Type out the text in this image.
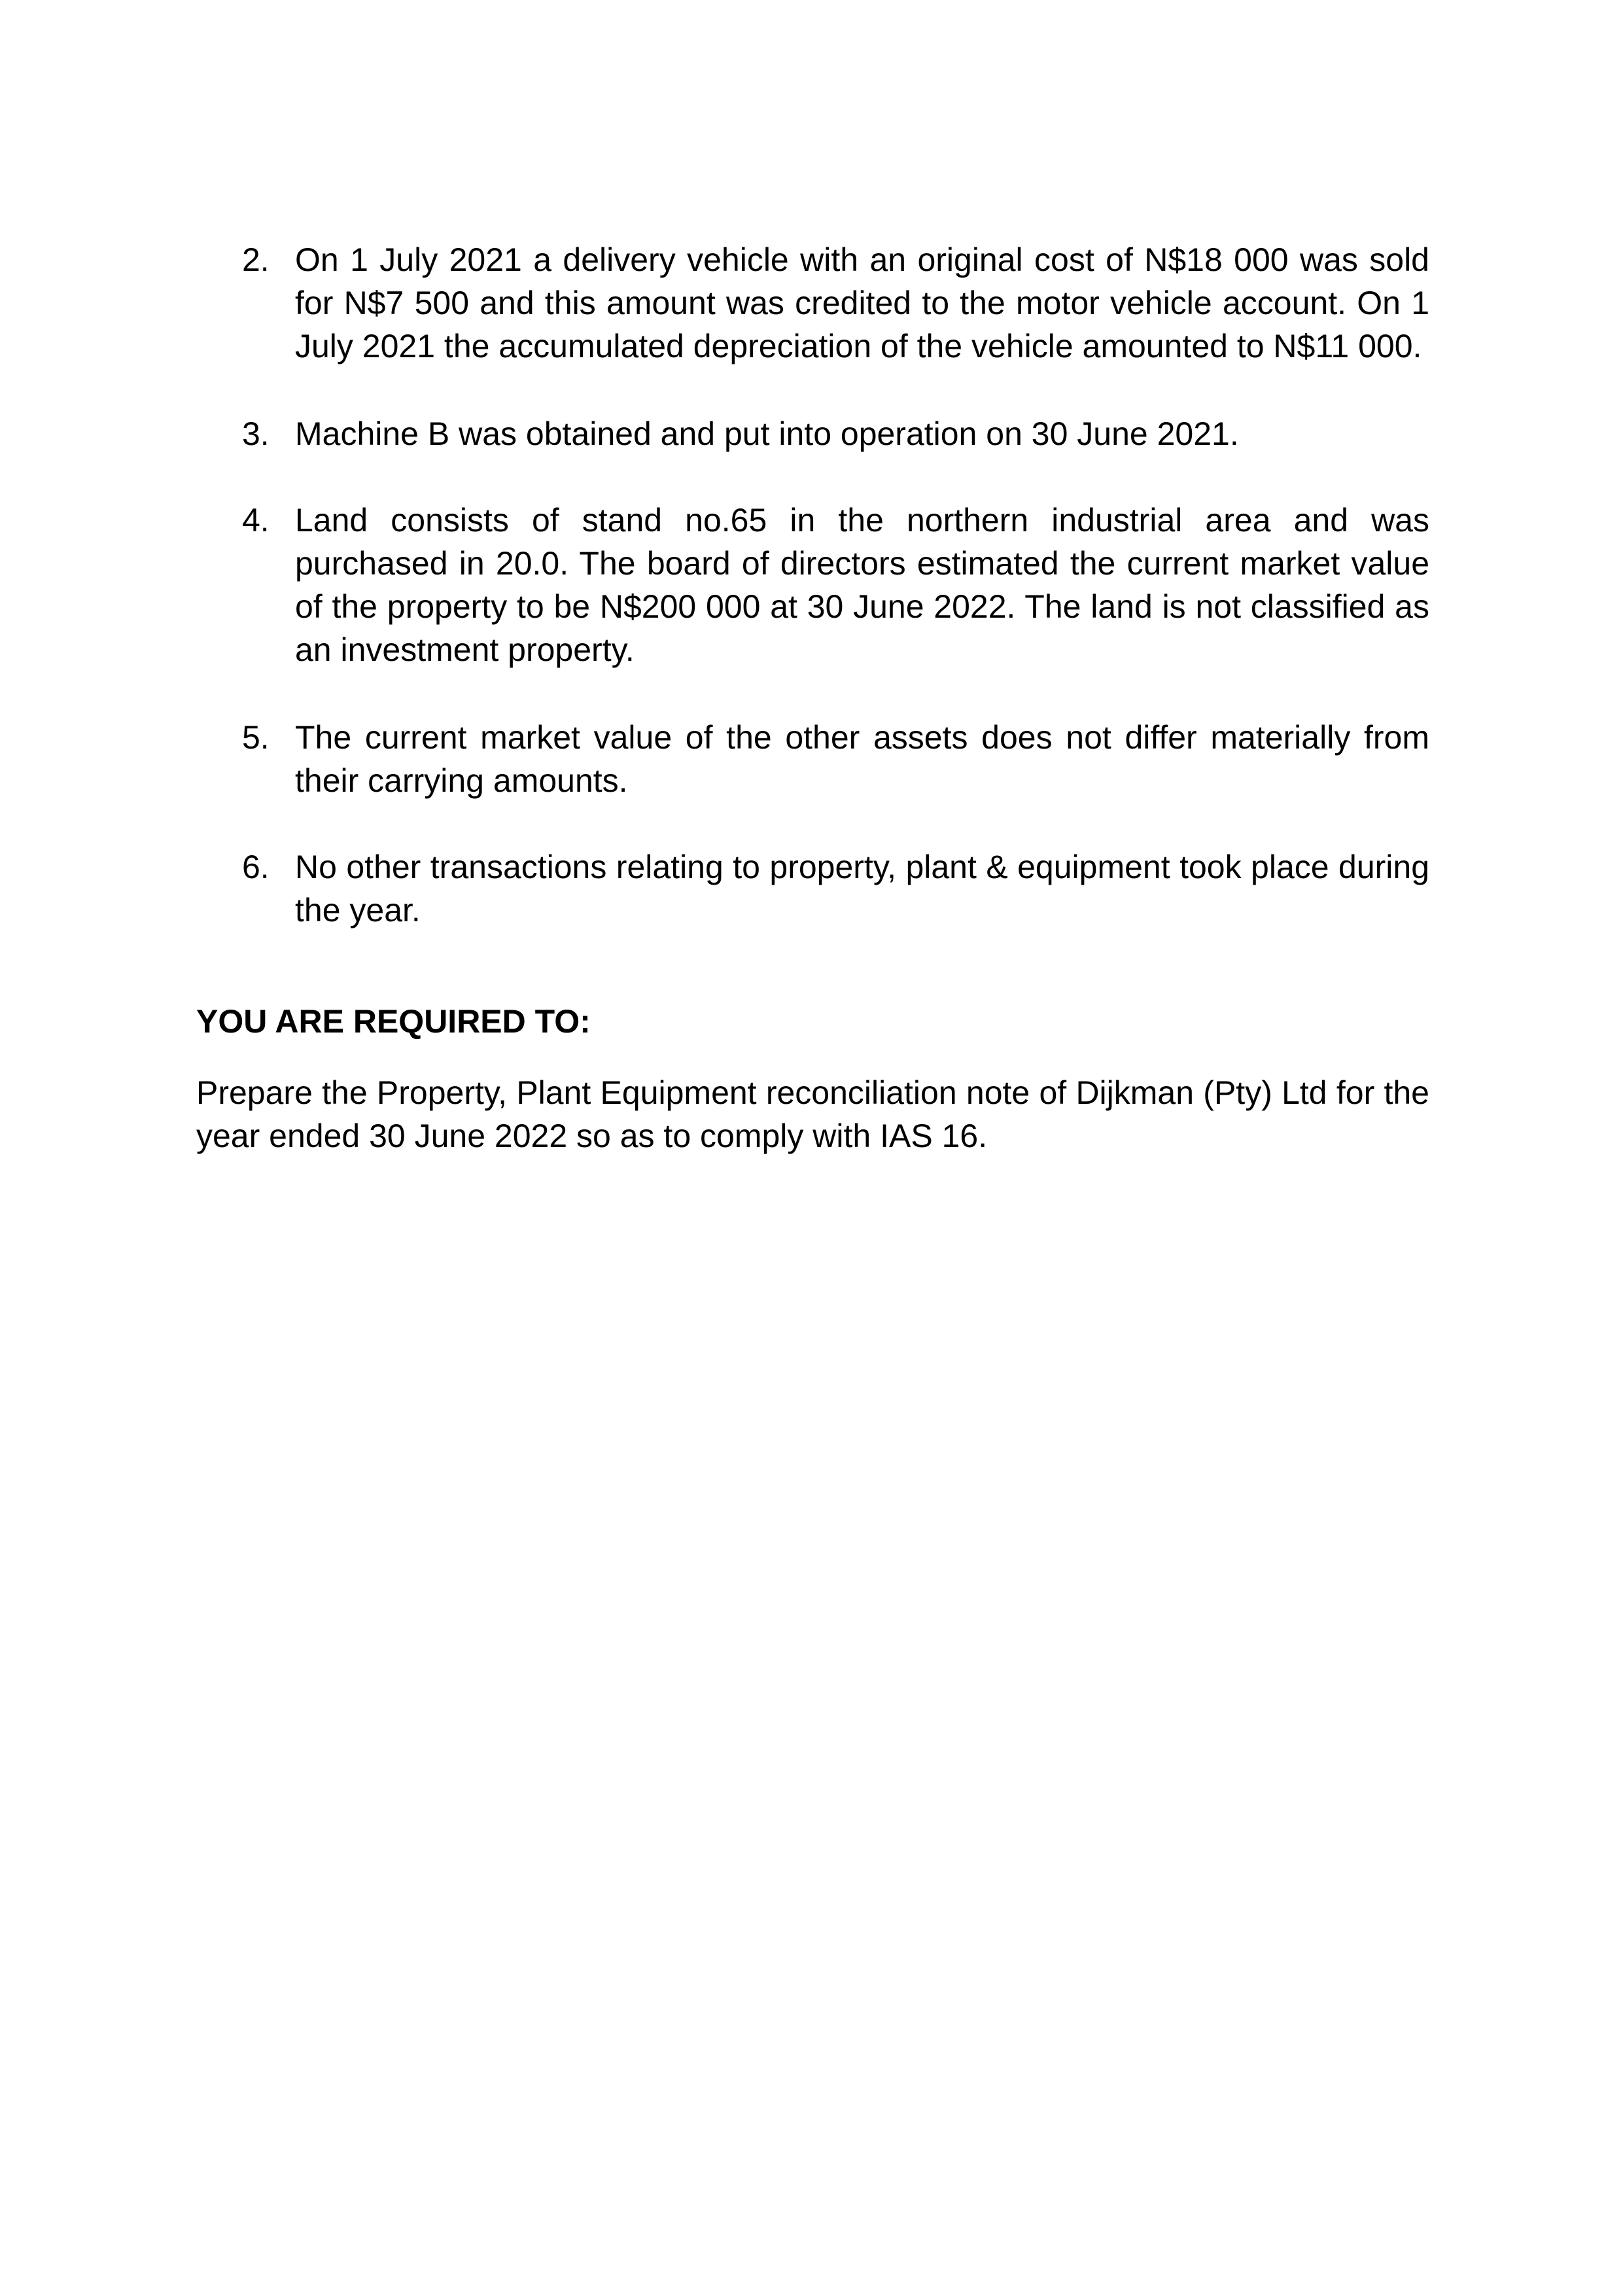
2. On 1 July 2021 a delivery vehicle with an original cost of N$18 000 was sold for N$7 500 and this amount was credited to the motor vehicle account. On 1 July 2021 the accumulated depreciation of the vehicle amounted to N$11 000.
3. Machine B was obtained and put into operation on 30 June 2021.
4. Land consists of stand no.65 in the northern industrial area and was purchased in 20.0. The board of directors estimated the current market value of the property to be N$200 000 at 30 June 2022. The land is not classified as an investment property.
5. The current market value of the other assets does not differ materially from their carrying amounts.
6. No other transactions relating to property, plant & equipment took place during the year.
YOU ARE REQUIRED TO:

Prepare the Property, Plant Equipment reconciliation note of Dijkman (Pty) Ltd for the year ended 30 June 2022 so as to comply with IAS 16.
